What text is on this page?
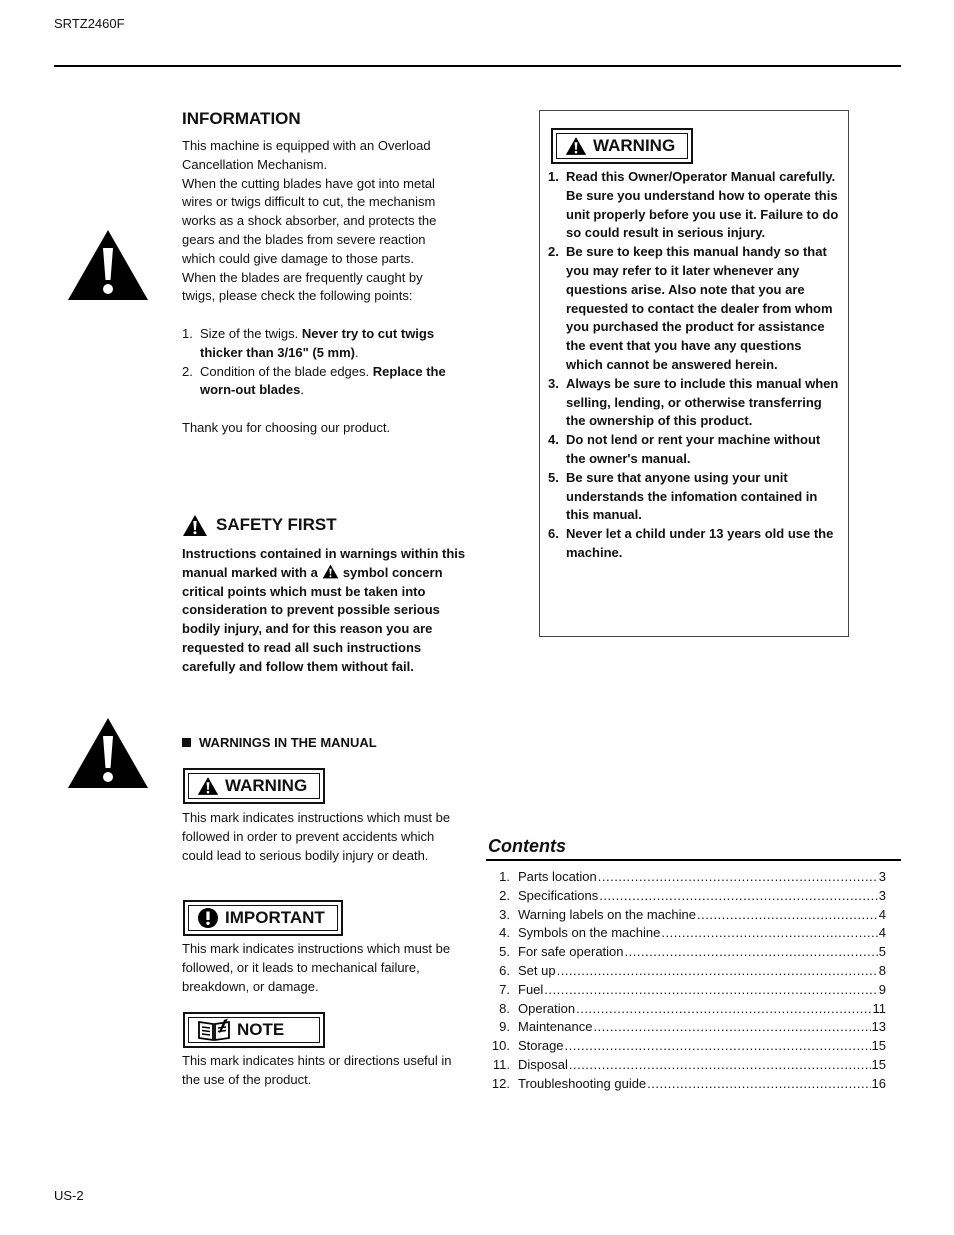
SRTZ2460F
US-2
INFORMATION
This machine is equipped with an Overload
Cancellation Mechanism.
When the cutting blades have got into metal
wires or twigs difficult to cut, the mechanism
works as a shock absorber, and protects the
gears and the blades from severe reaction
which could give damage to those parts.
When the blades are frequently caught by
twigs, please check the following points:
1. Size of the twigs. Never try to cut twigs thicker than 3/16" (5 mm).
2. Condition of the blade edges. Replace the worn-out blades.

Thank you for choosing our product.

SAFETY FIRST

Instructions contained in warnings within this manual marked with a symbol concern critical points which must be taken into consideration to prevent possible serious bodily injury, and for this reason you are requested to read all such instructions carefully and follow them without fail.

WARNINGS IN THE MANUAL
WARNING

This mark indicates instructions which must be followed in order to prevent accidents which could lead to serious bodily injury or death.

IMPORTANT

This mark indicates instructions which must be followed, or it leads to mechanical failure, breakdown, or damage.

NOTE

This mark indicates hints or directions useful in the use of the product.

WARNING
1. Read this Owner/Operator Manual carefully. Be sure you understand how to operate this unit properly before you use it. Failure to do so could result in serious injury.
2. Be sure to keep this manual handy so that you may refer to it later whenever any questions arise. Also note that you are requested to contact the dealer from whom you purchased the product for assistance the event that you have any questions which cannot be answered herein.
3. Always be sure to include this manual when selling, lending, or otherwise transferring the ownership of this product.
4. Do not lend or rent your machine without the owner's manual.
5. Be sure that anyone using your unit understands the infomation contained in this manual.
6. Never let a child under 13 years old use the machine.
Contents
1. Parts location .....	3
2. Specifications .....	3
3. Warning labels on the machine .....	4
4. Symbols on the machine .....	4
5. For safe operation .....	5
6. Set up .....	8
7. Fuel .....	9
8. Operation .....	11
9. Maintenance .....	13
10. Storage .....	15
11. Disposal .....	15
12. Troubleshooting guide .....	16
